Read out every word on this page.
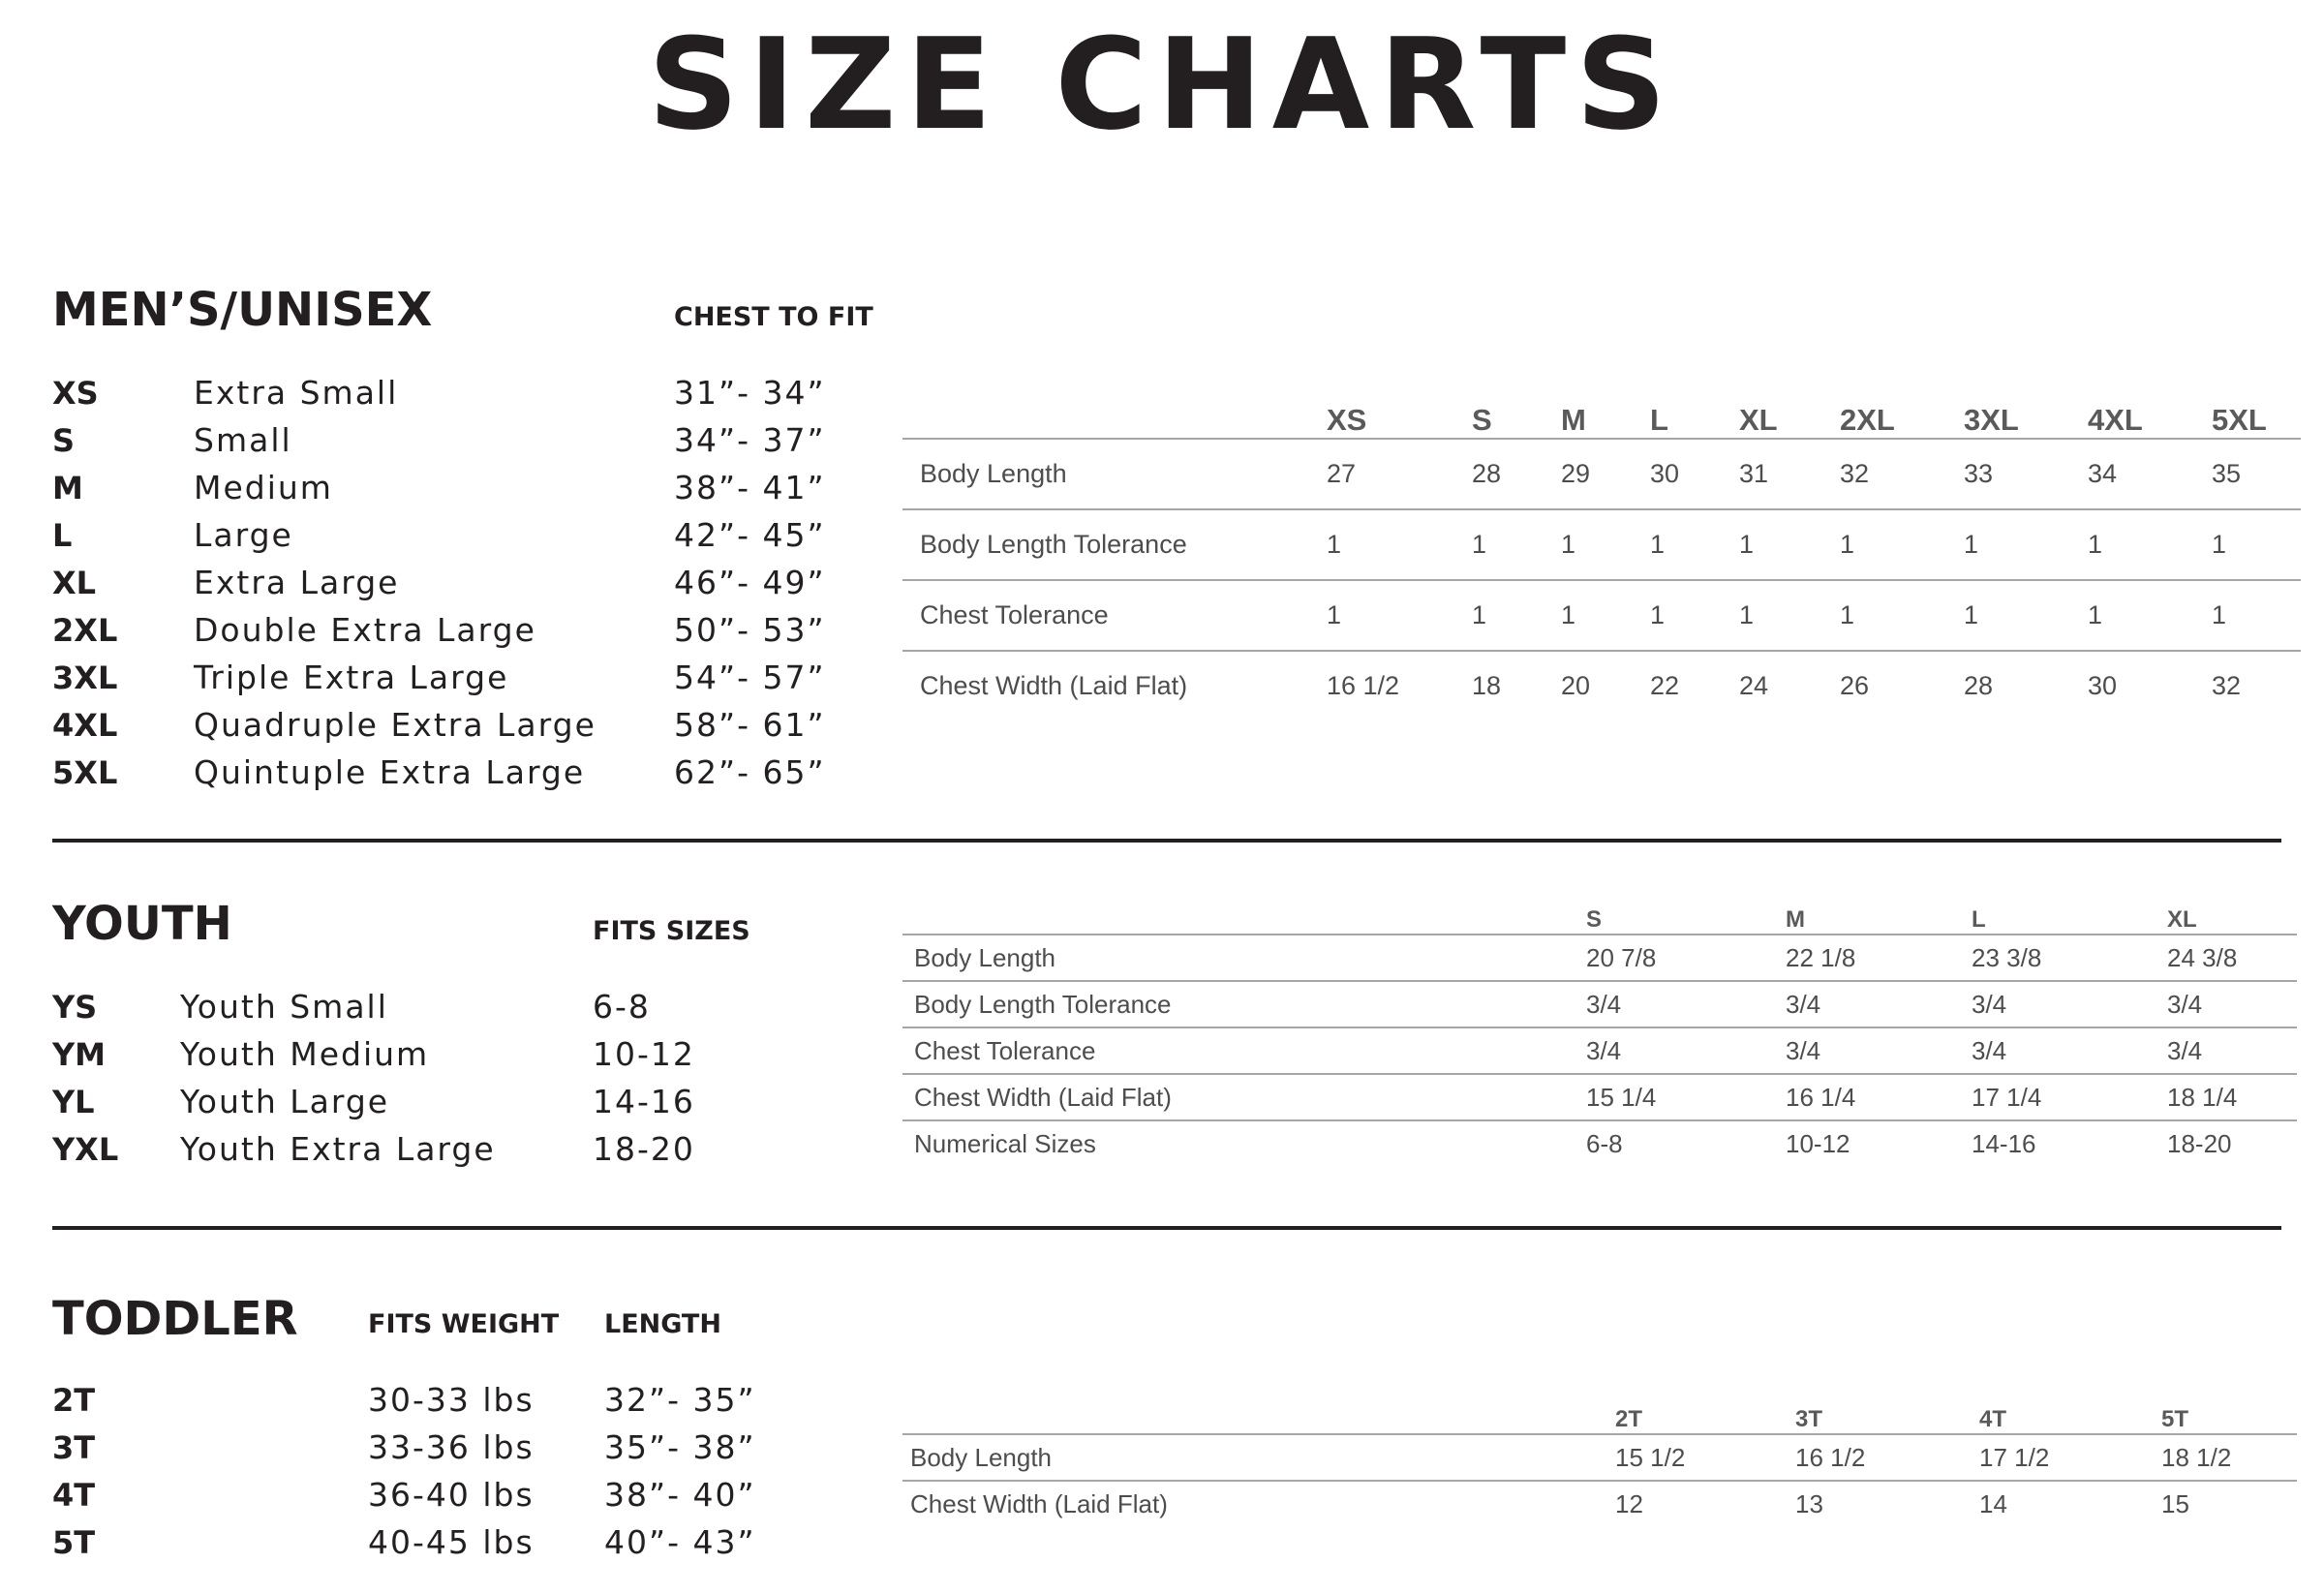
SIZE CHARTS
MEN’S/UNISEX	CHEST TO FIT
XS	Extra Small	31”- 34”
S	Small	34”- 37”
M	Medium	38”- 41”
L	Large	42”- 45”
XL	Extra Large	46”- 49”
2XL Double Extra Large	50”- 53”
3XL Triple Extra Large	54”- 57”
4XL Quadruple Extra Large 58”- 61”
5XL Quintuple Extra Large	62”- 65”
	XS	S	M	L	XL	2XL	3XL	4XL	5XL
Body Length	27	28	29	30	31	32	33	34	35
Body Length Tolerance	1	1	1	1	1	1	1	1	1
Chest Tolerance	1	1	1	1	1	1	1	1	1
Chest Width (Laid Flat)	16 1/2	18	20	22	24	26	28	30	32
YOUTH	FITS SIZES
YS	Youth Small	6-8
YM Youth Medium	10-12
YL	Youth Large	14-16
YXL Youth Extra Large	18-20
	S	M	L	XL
Body Length	20 7/8	22 1/8	23 3/8	24 3/8
Body Length Tolerance	3/4	3/4	3/4	3/4
Chest Tolerance	3/4	3/4	3/4	3/4
Chest Width (Laid Flat)	15 1/4	16 1/4	17 1/4	18 1/4
Numerical Sizes	6-8	10-12	14-16	18-20
TODDLER	FITS WEIGHT LENGTH
2T	30-33 lbs 32”- 35”
3T	33-36 lbs 35”- 38”
4T	36-40 lbs 38”- 40”
5T	40-45 lbs 40”- 43”
	2T	3T	4T	5T
Body Length	15 1/2	16 1/2	17 1/2	18 1/2
Chest Width (Laid Flat)	12	13	14	15
